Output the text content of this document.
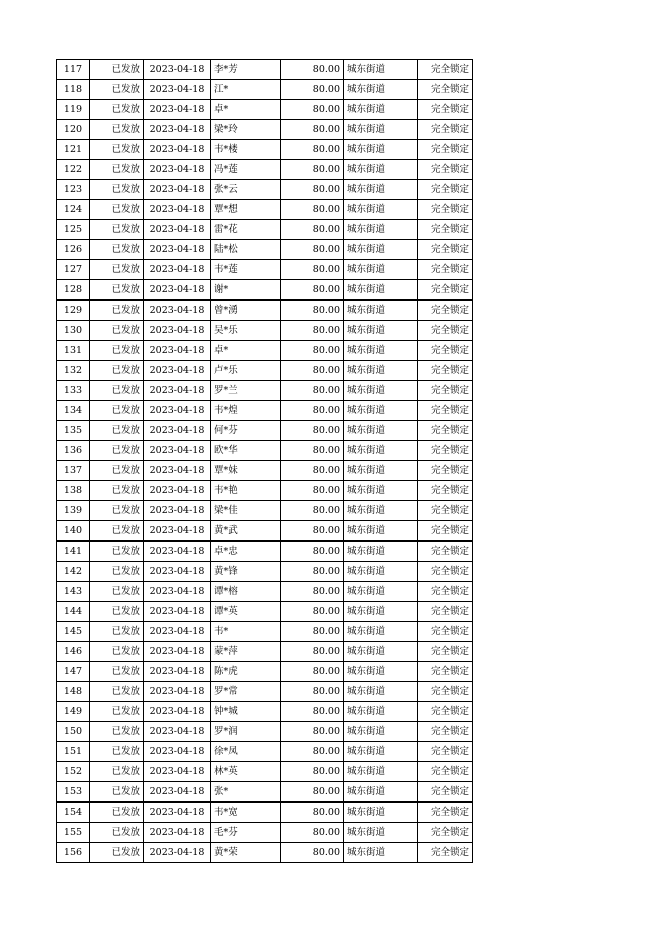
117	已发放	2023-04-18	李*芳	80.00	城东街道	完全锁定
118	已发放	2023-04-18	江*	80.00	城东街道	完全锁定
119	已发放	2023-04-18	卓*	80.00	城东街道	完全锁定
120	已发放	2023-04-18	梁*玲	80.00	城东街道	完全锁定
121	已发放	2023-04-18	韦*楼	80.00	城东街道	完全锁定
122	已发放	2023-04-18	冯*莲	80.00	城东街道	完全锁定
123	已发放	2023-04-18	张*云	80.00	城东街道	完全锁定
124	已发放	2023-04-18	覃*想	80.00	城东街道	完全锁定
125	已发放	2023-04-18	雷*花	80.00	城东街道	完全锁定
126	已发放	2023-04-18	陆*松	80.00	城东街道	完全锁定
127	已发放	2023-04-18	韦*莲	80.00	城东街道	完全锁定
128	已发放	2023-04-18	谢*	80.00	城东街道	完全锁定
129	已发放	2023-04-18	曾*湧	80.00	城东街道	完全锁定
130	已发放	2023-04-18	吴*乐	80.00	城东街道	完全锁定
131	已发放	2023-04-18	卓*	80.00	城东街道	完全锁定
132	已发放	2023-04-18	卢*乐	80.00	城东街道	完全锁定
133	已发放	2023-04-18	罗*兰	80.00	城东街道	完全锁定
134	已发放	2023-04-18	韦*煌	80.00	城东街道	完全锁定
135	已发放	2023-04-18	何*芬	80.00	城东街道	完全锁定
136	已发放	2023-04-18	欧*华	80.00	城东街道	完全锁定
137	已发放	2023-04-18	覃*妹	80.00	城东街道	完全锁定
138	已发放	2023-04-18	韦*艳	80.00	城东街道	完全锁定
139	已发放	2023-04-18	梁*佳	80.00	城东街道	完全锁定
140	已发放	2023-04-18	黄*武	80.00	城东街道	完全锁定
141	已发放	2023-04-18	卓*忠	80.00	城东街道	完全锁定
142	已发放	2023-04-18	黄*锋	80.00	城东街道	完全锁定
143	已发放	2023-04-18	谭*榕	80.00	城东街道	完全锁定
144	已发放	2023-04-18	谭*英	80.00	城东街道	完全锁定
145	已发放	2023-04-18	韦*	80.00	城东街道	完全锁定
146	已发放	2023-04-18	蒙*萍	80.00	城东街道	完全锁定
147	已发放	2023-04-18	陈*虎	80.00	城东街道	完全锁定
148	已发放	2023-04-18	罗*常	80.00	城东街道	完全锁定
149	已发放	2023-04-18	钟*城	80.00	城东街道	完全锁定
150	已发放	2023-04-18	罗*润	80.00	城东街道	完全锁定
151	已发放	2023-04-18	徐*凤	80.00	城东街道	完全锁定
152	已发放	2023-04-18	林*英	80.00	城东街道	完全锁定
153	已发放	2023-04-18	张*	80.00	城东街道	完全锁定
154	已发放	2023-04-18	韦*宽	80.00	城东街道	完全锁定
155	已发放	2023-04-18	毛*芬	80.00	城东街道	完全锁定
156	已发放	2023-04-18	黄*荣	80.00	城东街道	完全锁定
